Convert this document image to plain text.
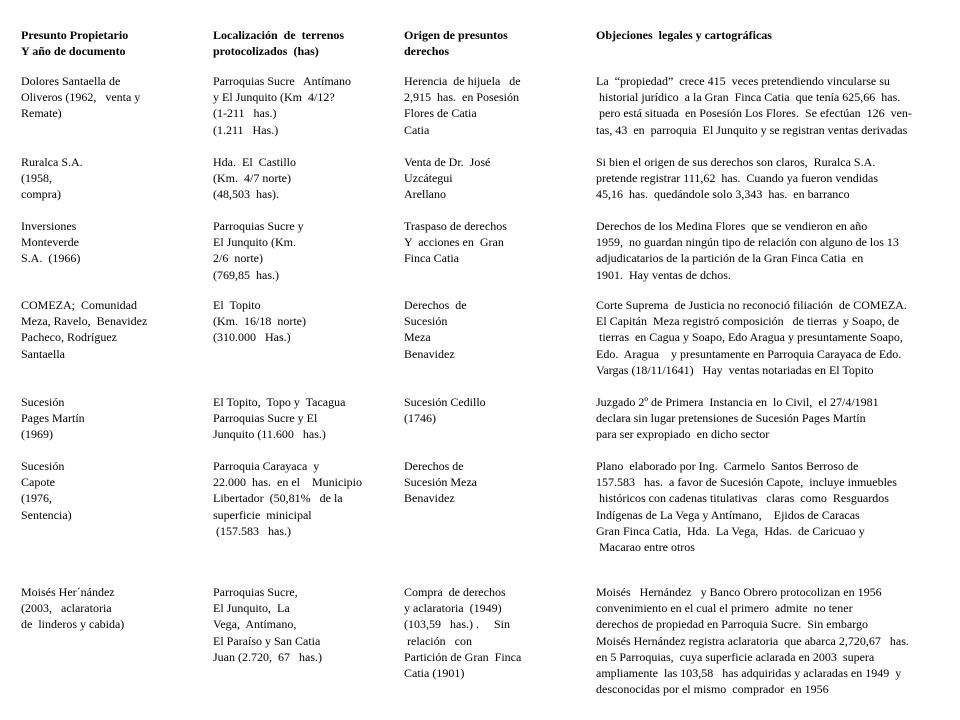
Presunto Propietario
Y año de documento
Dolores Santaella de
Oliveros (1962,   venta y
Remate)
Ruralca S.A.
(1958,
compra)
Inversiones
Monteverde
S.A.  (1966)
COMEZA;  Comunidad
Meza, Ravelo,  Benavidez
Pacheco, Rodríguez
Santaella
Sucesión
Pages Martín
(1969)
Sucesión
Capote
(1976,
Sentencia)
Moisés Her´nández
(2003,   aclaratoria
de  linderos y cabida)
Localización  de  terrenos
protocolizados  (has)
Parroquias Sucre   Antímano
y El Junquito (Km  4/12?
(1-211   has.)
(1.211   Has.)
Hda.  El  Castillo
(Km.  4/7 norte)
(48,503  has).
Parroquias Sucre y
El Junquito (Km.
2/6  norte)
(769,85  has.)
El  Topito
(Km.  16/18  norte)
(310.000   Has.)
El Topito,  Topo y  Tacagua
Parroquias Sucre y El
Junquito (11.600   has.)
Parroquia Carayaca  y
22.000  has.  en el    Municipio
Libertador  (50,81%   de la
superficie  minicipal
(157.583   has.)
Parroquias Sucre,
El Junquito,  La
Vega,  Antímano,
El Paraíso y San Catia
Juan (2.720,  67   has.)
Origen de presuntos
derechos
Herencia  de hijuela   de
2,915  has.  en Posesión
Flores de Catia
Catia
Venta de Dr.  José
Uzcátegui
Arellano
Traspaso de derechos
Y  acciones en  Gran
Finca Catia
Derechos  de
Sucesión
Meza
Benavidez
Sucesión Cedillo
(1746)
Derechos de
Sucesión Meza
Benavidez
Compra  de derechos
y aclaratoria  (1949)
(103,59   has.) .     Sin
relación   con
Partición de Gran  Finca
Catia (1901)
Objeciones  legales y cartográficas
La  “propiedad”  crece 415  veces pretendiendo vincularse su
historial jurídico  a la Gran  Finca Catia  que tenía 625,66  has.
pero está situada  en Posesión Los Flores.  Se efectúan  126  ven-
tas, 43  en  parroquia  El Junquito y se registran ventas derivadas
Si bien el origen de sus derechos son claros,  Ruralca S.A.
pretende registrar 111,62  has.  Cuando ya fueron vendidas
45,16  has.  quedándole solo 3,343  has.  en barranco
Derechos de los Medina Flores  que se vendieron en año
1959,  no guardan ningún tipo de relación con alguno de los 13
adjudicatarios de la partición de la Gran Finca Catia  en
1901.  Hay ventas de dchos.
Corte Suprema  de Justicia no reconoció filiación  de COMEZA.
El Capitán  Meza registró composición   de tierras  y Soapo, de
tierras  en Cagua y Soapo, Edo Aragua y presuntamente Soapo,
Edo.  Aragua    y presuntamente en Parroquia Carayaca de Edo.
Vargas (18/11/1641)   Hay  ventas notariadas en El Topito
Juzgado 2º de Primera  Instancia en  lo Civil,  el 27/4/1981
declara sin lugar pretensiones de Sucesión Pages Martín
para ser expropiado  en dicho sector
Plano  elaborado por Ing.  Carmelo  Santos Berroso de
157.583   has.  a favor de Sucesión Capote,  incluye inmuebles
históricos con cadenas titulativas   claras  como  Resguardos
Indígenas de La Vega y Antímano,    Ejidos de Caracas
Gran Finca Catia,  Hda.  La Vega,  Hdas.  de Caricuao y
Macarao entre otros
Moisés   Hernández   y Banco Obrero protocolizan en 1956
convenimiento en el cual el primero  admite  no tener
derechos de propiedad en Parroquia Sucre.  Sin embargo
Moisés Hernández registra aclaratoria  que abarca 2,720,67   has.
en 5 Parroquias,  cuya superficie aclarada en 2003  supera
ampliamente  las 103,58   has adquiridas y aclaradas en 1949  y
desconocidas por el mismo  comprador  en 1956
